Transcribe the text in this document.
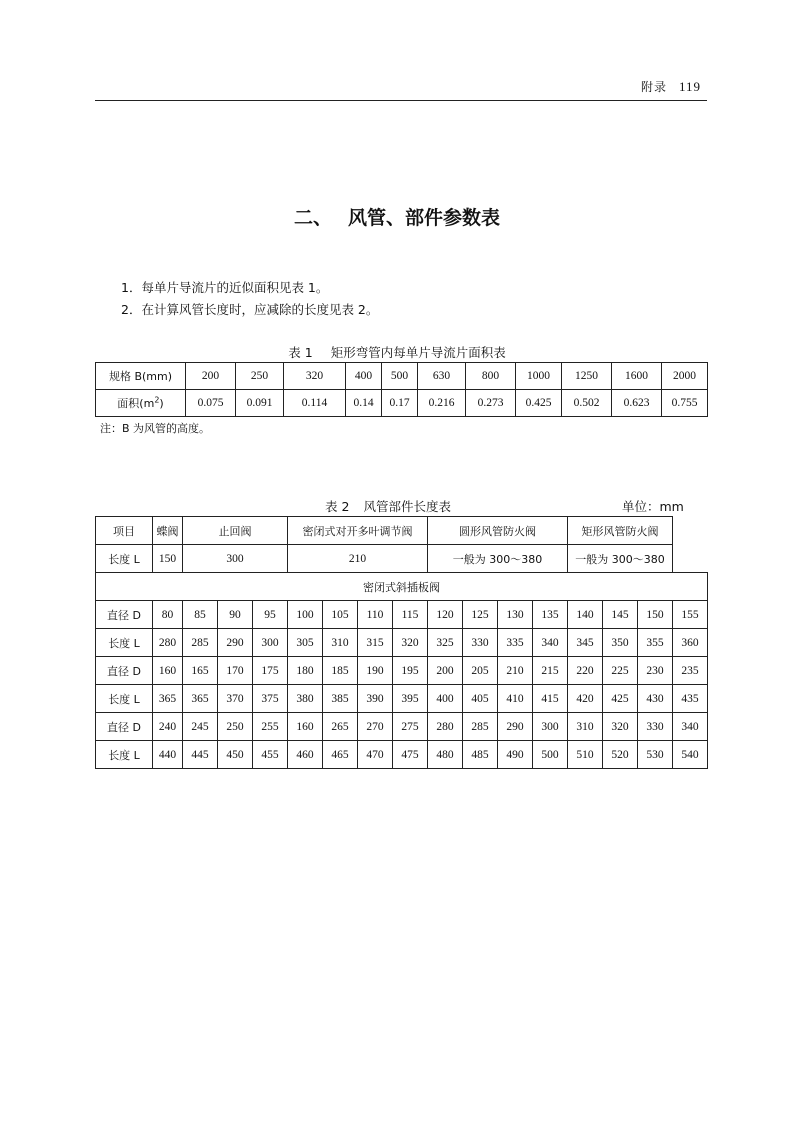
附录 119
二、 风管、部件参数表
1．每单片导流片的近似面积见表 1。
2．在计算风管长度时，应减除的长度见表 2。
表 1 矩形弯管内每单片导流片面积表
规格 B(mm)	200	250	320	400	500	630	800	1000	1250	1600	2000
面积$(m^2)$	0.075	0.091	0.114	0.14	0.17	0.216	0.273	0.425	0.502	0.623	0.755
注：B 为风管的高度。
表 2 风管部件长度表	单位：mm
项目	蝶阀	止回阀			密闭式对开多叶调节阀				圆形风管防火阀				矩形风管防火阀			
长度 L	150	300			210				一般为 300～380				一般为 300～380			
密闭式斜插板阀																
直径 D	80	85	90	95	100	105	110	115	120	125	130	135	140	145	150	155
长度 L	280	285	290	300	305	310	315	320	325	330	335	340	345	350	355	360
直径 D	160	165	170	175	180	185	190	195	200	205	210	215	220	225	230	235
长度 L	365	365	370	375	380	385	390	395	400	405	410	415	420	425	430	435
直径 D	240	245	250	255	160	265	270	275	280	285	290	300	310	320	330	340
长度 L	440	445	450	455	460	465	470	475	480	485	490	500	510	520	530	540
